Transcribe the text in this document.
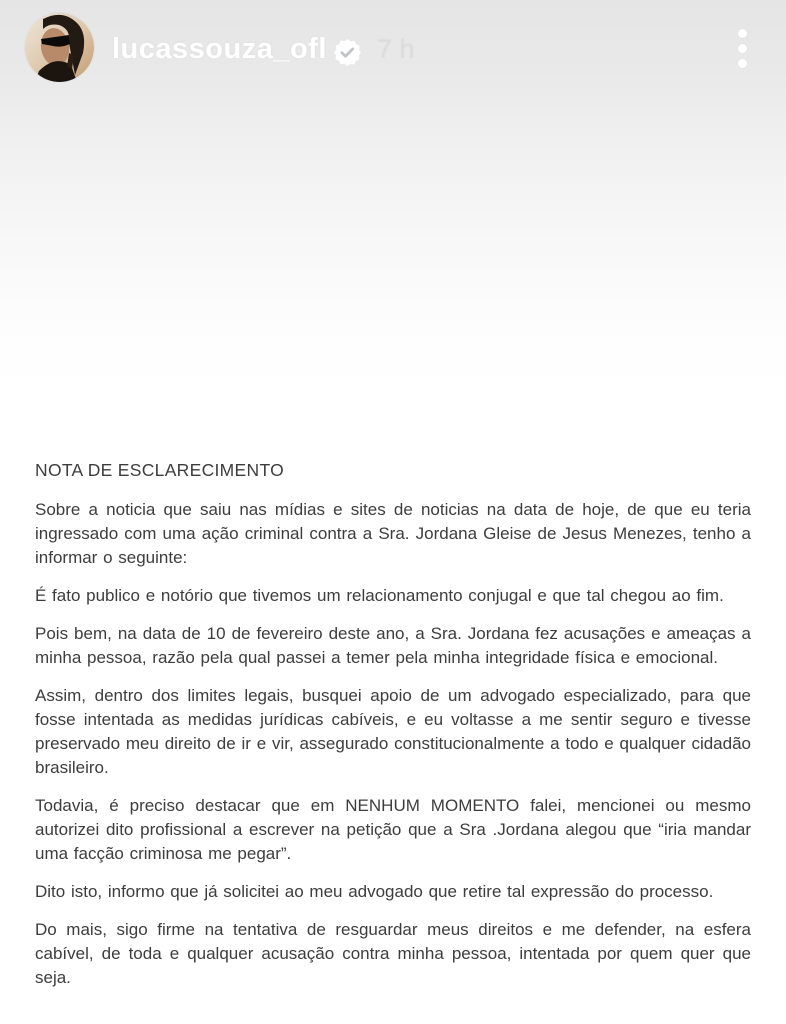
lucassouza_ofl 7 h
NOTA DE ESCLARECIMENTO

Sobre a noticia que saiu nas mídias e sites de noticias na data de hoje, de que eu teria ingressado com uma ação criminal contra a Sra. Jordana Gleise de Jesus Menezes, tenho a informar o seguinte:

É fato publico e notório que tivemos um relacionamento conjugal e que tal chegou ao fim.

Pois bem, na data de 10 de fevereiro deste ano, a Sra. Jordana fez acusações e ameaças a minha pessoa, razão pela qual passei a temer pela minha integridade física e emocional.

Assim, dentro dos limites legais, busquei apoio de um advogado especializado, para que fosse intentada as medidas jurídicas cabíveis, e eu voltasse a me sentir seguro e tivesse preservado meu direito de ir e vir, assegurado constitucionalmente a todo e qualquer cidadão brasileiro.

Todavia, é preciso destacar que em NENHUM MOMENTO falei, mencionei ou mesmo autorizei dito profissional a escrever na petição que a Sra .Jordana alegou que “iria mandar uma facção criminosa me pegar”.

Dito isto, informo que já solicitei ao meu advogado que retire tal expressão do processo.

Do mais, sigo firme na tentativa de resguardar meus direitos e me defender, na esfera cabível, de toda e qualquer acusação contra minha pessoa, intentada por quem quer que seja.
